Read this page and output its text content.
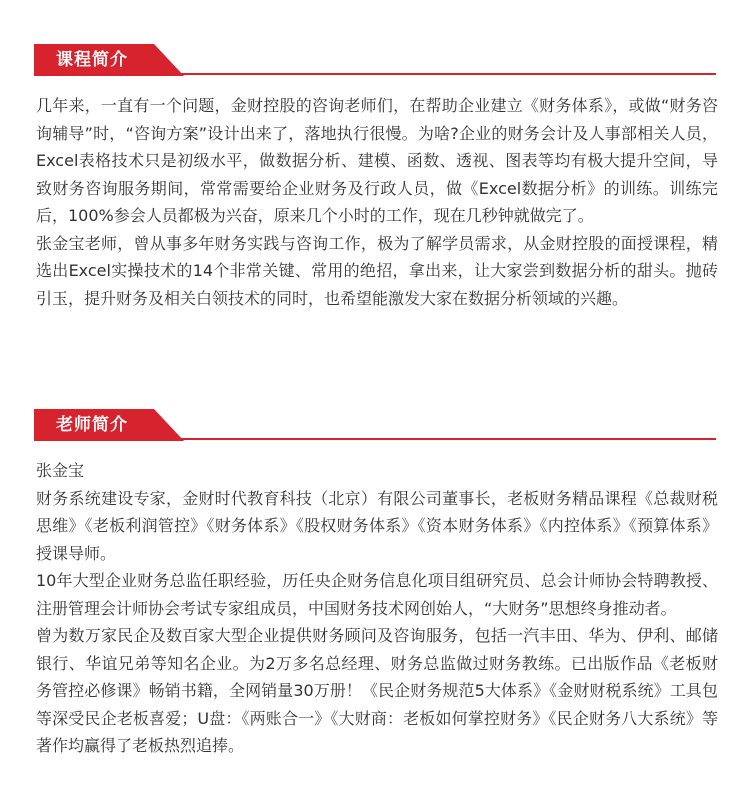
课程简介

几年来，一直有一个问题，金财控股的咨询老师们，在帮助企业建立《财务体系》，或做“财务咨询辅导”时，“咨询方案”设计出来了，落地执行很慢。为啥?企业的财务会计及人事部相关人员，Excel表格技术只是初级水平，做数据分析、建模、函数、透视、图表等均有极大提升空间，导致财务咨询服务期间，常常需要给企业财务及行政人员，做《Excel数据分析》的训练。训练完后，100%参会人员都极为兴奋，原来几个小时的工作，现在几秒钟就做完了。

张金宝老师，曾从事多年财务实践与咨询工作，极为了解学员需求，从金财控股的面授课程，精选出Excel实操技术的14个非常关键、常用的绝招，拿出来，让大家尝到数据分析的甜头。抛砖引玉，提升财务及相关白领技术的同时，也希望能激发大家在数据分析领域的兴趣。

老师简介

张金宝

财务系统建设专家，金财时代教育科技（北京）有限公司董事长，老板财务精品课程《总裁财税思维》《老板利润管控》《财务体系》《股权财务体系》《资本财务体系》《内控体系》《预算体系》授课导师。

10年大型企业财务总监任职经验，历任央企财务信息化项目组研究员、总会计师协会特聘教授、注册管理会计师协会考试专家组成员，中国财务技术网创始人，“大财务”思想终身推动者。

曾为数万家民企及数百家大型企业提供财务顾问及咨询服务，包括一汽丰田、华为、伊利、邮储银行、华谊兄弟等知名企业。为2万多名总经理、财务总监做过财务教练。已出版作品《老板财务管控必修课》畅销书籍，全网销量30万册！《民企财务规范5大体系》《金财财税系统》工具包等深受民企老板喜爱；U盘：《两账合一》《大财商：老板如何掌控财务》《民企财务八大系统》等著作均赢得了老板热烈追捧。
